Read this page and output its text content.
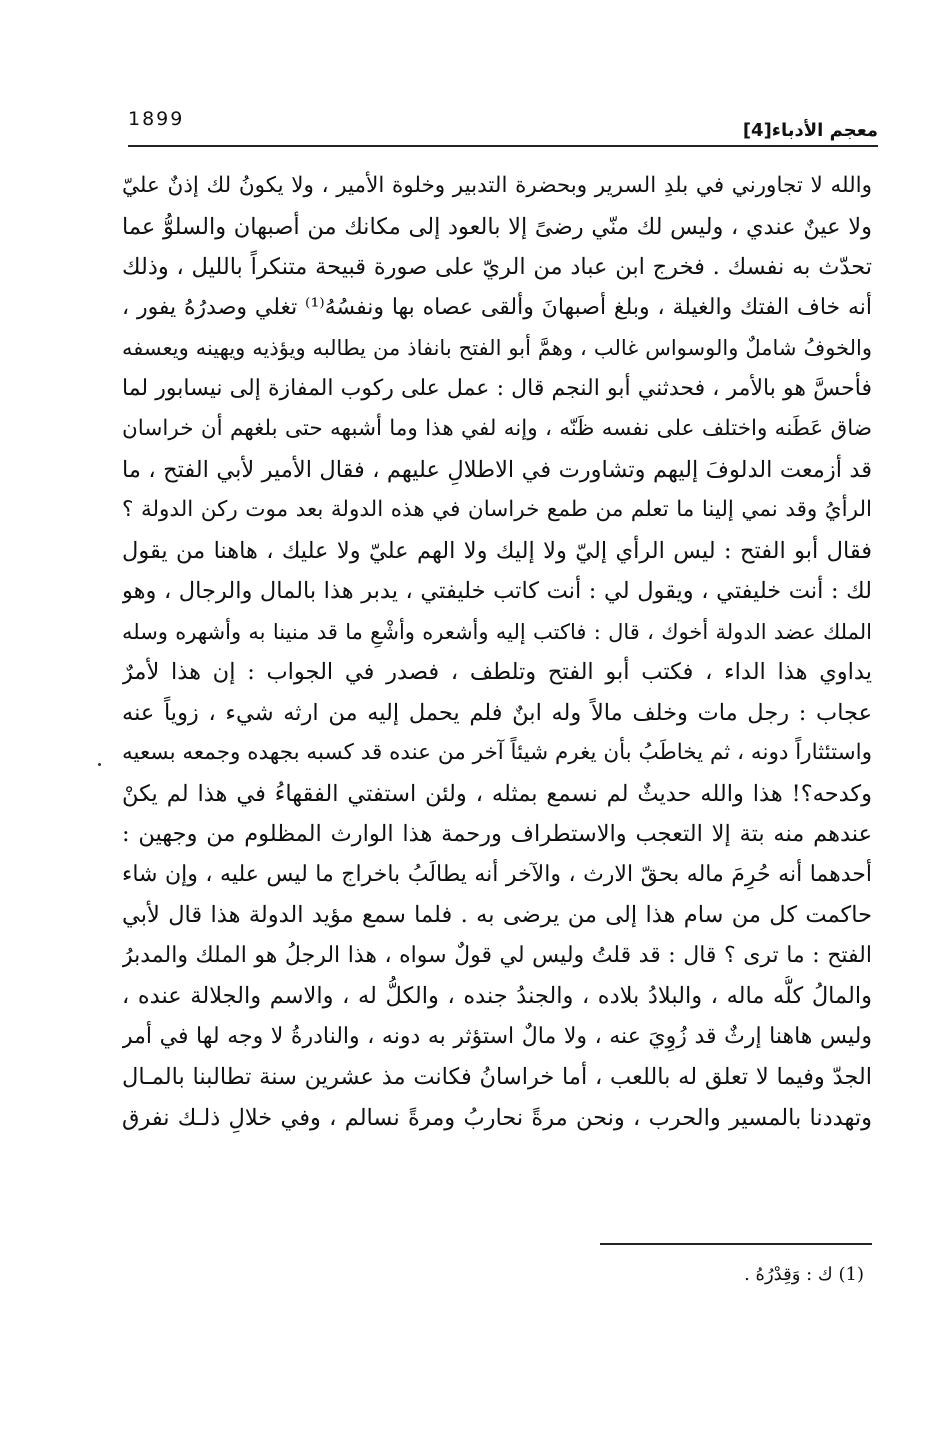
1899
معجم الأدباء[4]
والله لا تجاورني في بلدِ السرير وبحضرة التدبير وخلوة الأمير ، ولا يكونُ لك إذنٌ عليّ
ولا عينٌ عندي ، وليس لك منّي رضىً إلا بالعود إلى مكانك من أصبهان والسلوُّ عما
تحدّث به نفسك . فخرج ابن عباد من الريّ على صورة قبيحة متنكراً بالليل ، وذلك
أنه خاف الفتك والغيلة ، وبلغ أصبهانَ وألقى عصاه بها ونفسُهُ⁽¹⁾ تغلي وصدرُهُ يفور ،
والخوفُ شاملٌ والوسواس غالب ، وهمَّ أبو الفتح بانفاذ من يطالبه ويؤذيه ويهينه ويعسفه
فأحسَّ هو بالأمر ، فحدثني أبو النجم قال : عمل على ركوب المفازة إلى نيسابور لما
ضاق عَطَنه واختلف على نفسه ظَنّه ، وإنه لفي هذا وما أشبهه حتى بلغهم أن خراسان
قد أزمعت الدلوفَ إليهم وتشاورت في الاطلالِ عليهم ، فقال الأمير لأبي الفتح ، ما
الرأيُ وقد نمي إلينا ما تعلم من طمع خراسان في هذه الدولة بعد موت ركن الدولة ؟
فقال أبو الفتح : ليس الرأي إليّ ولا إليك ولا الهم عليّ ولا عليك ، هاهنا من يقول
لك : أنت خليفتي ، ويقول لي : أنت كاتب خليفتي ، يدبر هذا بالمال والرجال ، وهو
الملك عضد الدولة أخوك ، قال : فاكتب إليه وأشعره وأشْعِ ما قد منينا به وأشهره وسله
يداوي هذا الداء ، فكتب أبو الفتح وتلطف ، فصدر في الجواب : إن هذا لأمرٌ
عجاب : رجل مات وخلف مالاً وله ابنٌ فلم يحمل إليه من ارثه شيء ، زوياً عنه
واستئثاراً دونه ، ثم يخاطَبُ بأن يغرم شيئاً آخر من عنده قد كسبه بجهده وجمعه بسعيه
وكدحه؟! هذا والله حديثٌ لم نسمع بمثله ، ولئن استفتي الفقهاءُ في هذا لم يكنْ
عندهم منه بتة إلا التعجب والاستطراف ورحمة هذا الوارث المظلوم من وجهين :
أحدهما أنه حُرِمَ ماله بحقّ الارث ، والآخر أنه يطالَبُ باخراج ما ليس عليه ، وإن شاء
حاكمت كل من سام هذا إلى من يرضى به . فلما سمع مؤيد الدولة هذا قال لأبي
الفتح : ما ترى ؟ قال : قد قلتُ وليس لي قولٌ سواه ، هذا الرجلُ هو الملك والمدبرُ
والمالُ كلُّه ماله ، والبلادُ بلاده ، والجندُ جنده ، والكلُّ له ، والاسم والجلالة عنده ،
وليس هاهنا إرثٌ قد زُوِيَ عنه ، ولا مالٌ استؤثر به دونه ، والنادرةُ لا وجه لها في أمر
الجدّ وفيما لا تعلق له باللعب ، أما خراسانُ فكانت مذ عشرين سنة تطالبنا بالمـال
وتهددنا بالمسير والحرب ، ونحن مرةً نحاربُ ومرةً نسالم ، وفي خلالِ ذلـك نفرق
(1) ك : وَقِدْرُهُ .
